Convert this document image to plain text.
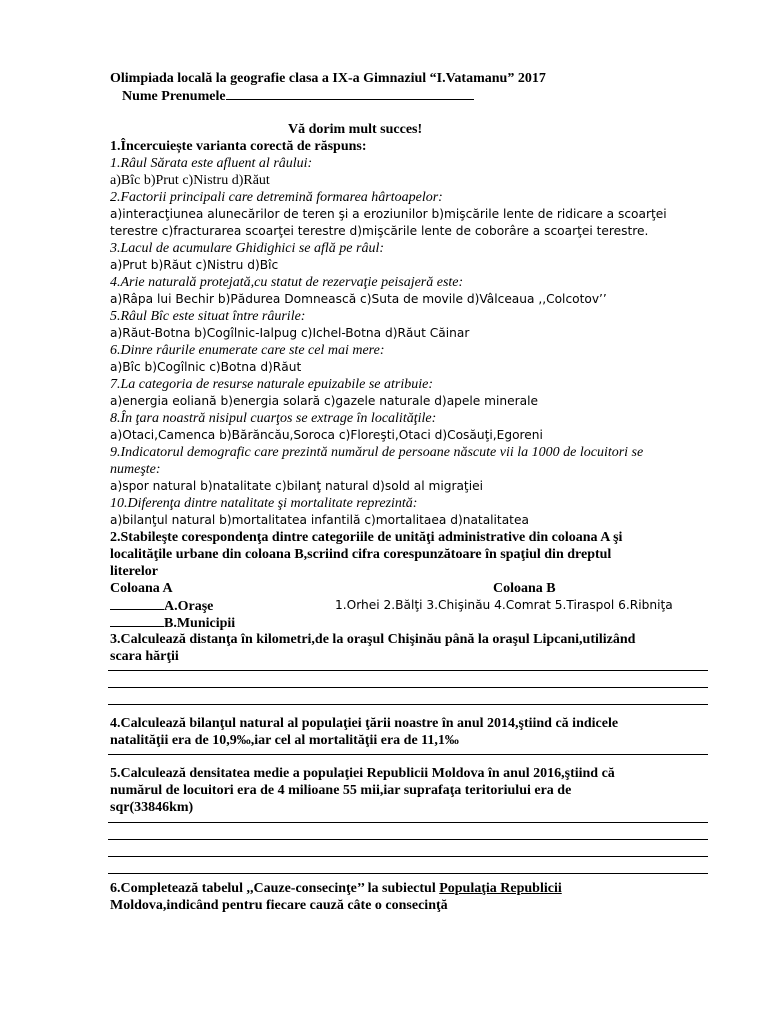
Olimpiada locală la geografie clasa a IX-a Gimnaziul “I.Vatamanu” 2017
Nume Prenumele
Vă dorim mult succes!
1.Încercuiește varianta corectă de răspuns:
1.Râul Sărata este afluent al râului:
a)Bîc b)Prut c)Nistru d)Răut
2.Factorii principali care detremină formarea hârtoapelor:
a)interacţiunea alunecărilor de teren şi a eroziunilor b)mişcările lente de ridicare a scoarţei
terestre c)fracturarea scoarţei terestre d)mişcările lente de coborâre a scoarţei terestre.
3.Lacul de acumulare Ghidighici se află pe râul:
a)Prut b)Răut c)Nistru d)Bîc
4.Arie naturală protejată,cu statut de rezervaţie peisajeră este:
a)Râpa lui Bechir b)Pădurea Domnească c)Suta de movile d)Vâlceaua ,,Colcotov’’
5.Râul Bîc este situat între râurile:
a)Răut-Botna b)Cogîlnic-Ialpug c)Ichel-Botna d)Răut Căinar
6.Dinre râurile enumerate care ste cel mai mere:
a)Bîc b)Cogîlnic c)Botna d)Răut
7.La categoria de resurse naturale epuizabile se atribuie:
a)energia eoliană b)energia solară c)gazele naturale d)apele minerale
8.În ţara noastră nisipul cuarţos se extrage în localităţile:
a)Otaci,Camenca b)Bărăncău,Soroca c)Floreşti,Otaci d)Cosăuţi,Egoreni
9.Indicatorul demografic care prezintă numărul de persoane născute vii la 1000 de locuitori se
numeşte:
a)spor natural b)natalitate c)bilanţ natural d)sold al migraţiei
10.Diferenţa dintre natalitate şi mortalitate reprezintă:
a)bilanţul natural b)mortalitatea infantilă c)mortalitaea d)natalitatea
2.Stabileşte corespondenţa dintre categoriile de unităţi administrative din coloana A şi
localităţile urbane din coloana B,scriind cifra corespunzătoare în spaţiul din dreptul
literelor
Coloana A	Coloana B
A.Oraşe	1.Orhei 2.Bălţi 3.Chişinău 4.Comrat 5.Tiraspol 6.Ribniţa
B.Municipii
3.Calculează distanţa în kilometri,de la oraşul Chişinău până la oraşul Lipcani,utilizând
scara hărţii
4.Calculează bilanţul natural al populaţiei ţării noastre în anul 2014,ştiind că indicele
natalităţii era de 10,9‰,iar cel al mortalităţii era de 11,1‰
5.Calculează densitatea medie a populaţiei Republicii Moldova în anul 2016,ştiind că
numărul de locuitori era de 4 milioane 55 mii,iar suprafaţa teritoriului era de
sqr(33846km)
6.Completează tabelul ,,Cauze-consecinţe’’ la subiectul Populaţia Republicii
Moldova,indicând pentru fiecare cauză câte o consecinţă
